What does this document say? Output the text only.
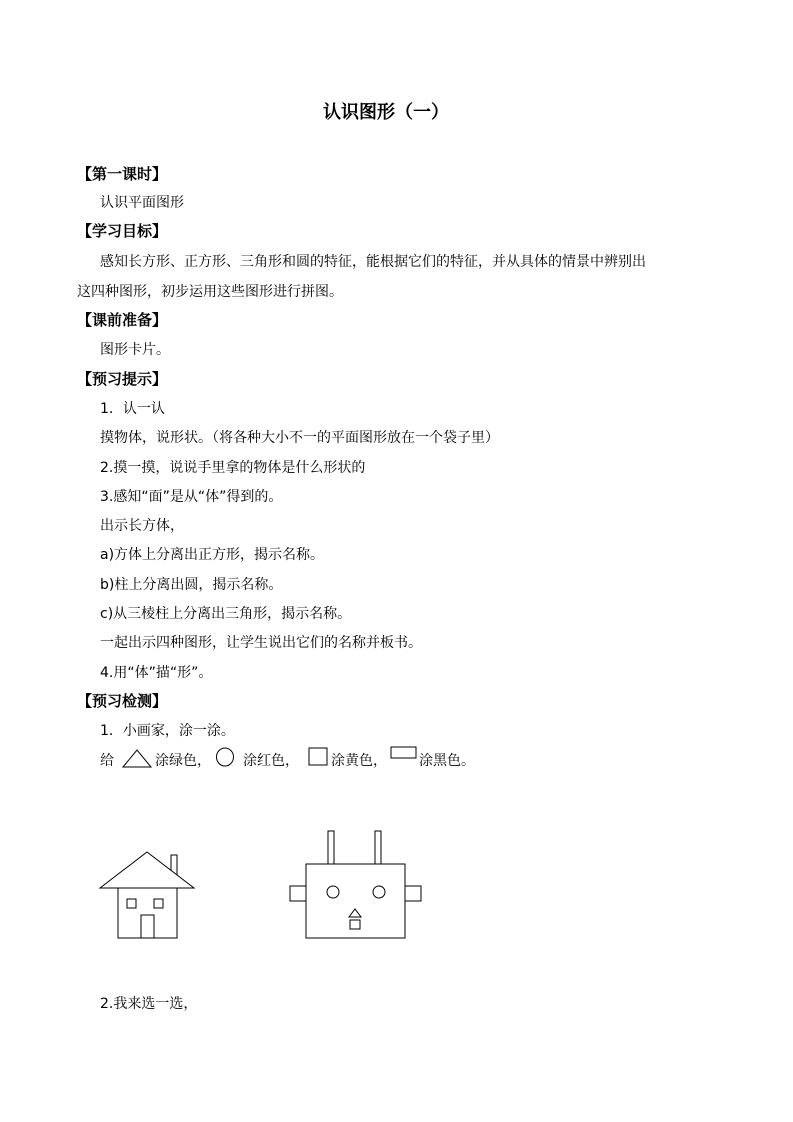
认识图形（一）
【第一课时】
认识平面图形
【学习目标】
感知长方形、正方形、三角形和圆的特征，能根据它们的特征，并从具体的情景中辨别出
这四种图形，初步运用这些图形进行拼图。
【课前准备】
图形卡片。
【预习提示】
1．认一认
摸物体，说形状。（将各种大小不一的平面图形放在一个袋子里）
2.摸一摸，说说手里拿的物体是什么形状的
3.感知“面”是从“体”得到的。
出示长方体，
a)方体上分离出正方形，揭示名称。
b)柱上分离出圆，揭示名称。
c)从三棱柱上分离出三角形，揭示名称。
一起出示四种图形，让学生说出它们的名称并板书。
4.用“体”描“形”。
【预习检测】
1．小画家，涂一涂。
给	涂绿色， 涂红色， 涂黄色， 涂黑色。
2.我来选一选，
